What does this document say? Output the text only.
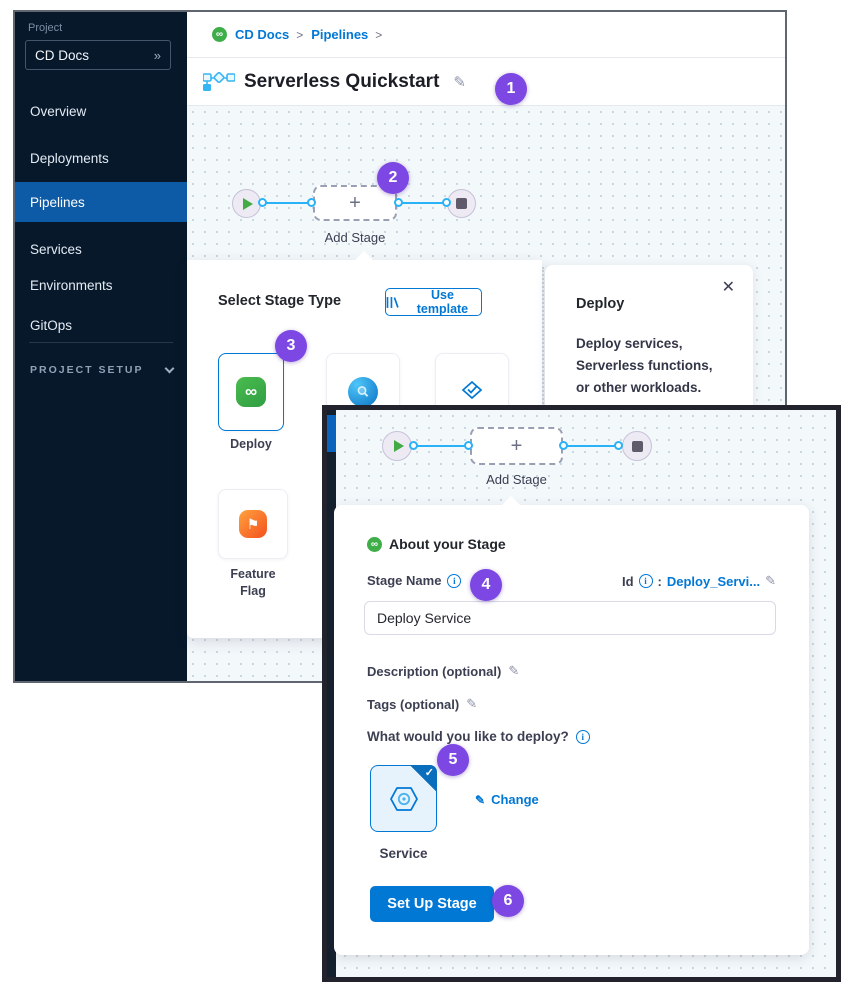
Project
CD Docs	»
Overview
Deployments
Pipelines
Services
Environments
GitOps
PROJECT SETUP
∞ CD Docs > Pipelines >
Serverless Quickstart ✎
+
Add Stage
Select Stage Type	Use template
∞
Deploy
⚑
Feature
Flag
✕
Deploy
Deploy services,
Serverless functions,
or other workloads.
+
Add Stage
∞ About your Stage
Stage Name	i	Id	i : Deploy_Servi... ✎
Deploy Service
Description (optional) ✎
Tags (optional) ✎
What would you like to deploy?	i
✓
✎ Change
Service
Set Up Stage
1
2
3
4
5
6
